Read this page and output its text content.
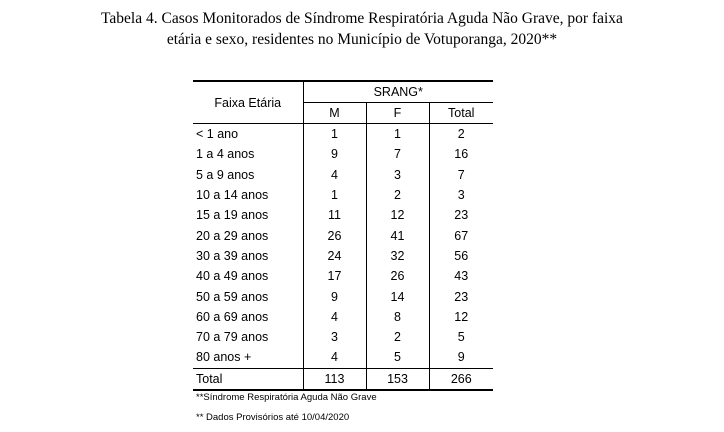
Tabela 4. Casos Monitorados de Síndrome Respiratória Aguda Não Grave, por faixa
etária e sexo, residentes no Município de Votuporanga, 2020**
Faixa Etária	SRANG*		
	M	F	Total
< 1 ano	1	1	2
1 a 4 anos	9	7	16
5 a 9 anos	4	3	7
10 a 14 anos	1	2	3
15 a 19 anos	11	12	23
20 a 29 anos	26	41	67
30 a 39 anos	24	32	56
40 a 49 anos	17	26	43
50 a 59 anos	9	14	23
60 a 69 anos	4	8	12
70 a 79 anos	3	2	5
80 anos +	4	5	9
Total	113	153	266
**Síndrome Respiratória Aguda Não Grave
** Dados Provisórios até 10/04/2020
